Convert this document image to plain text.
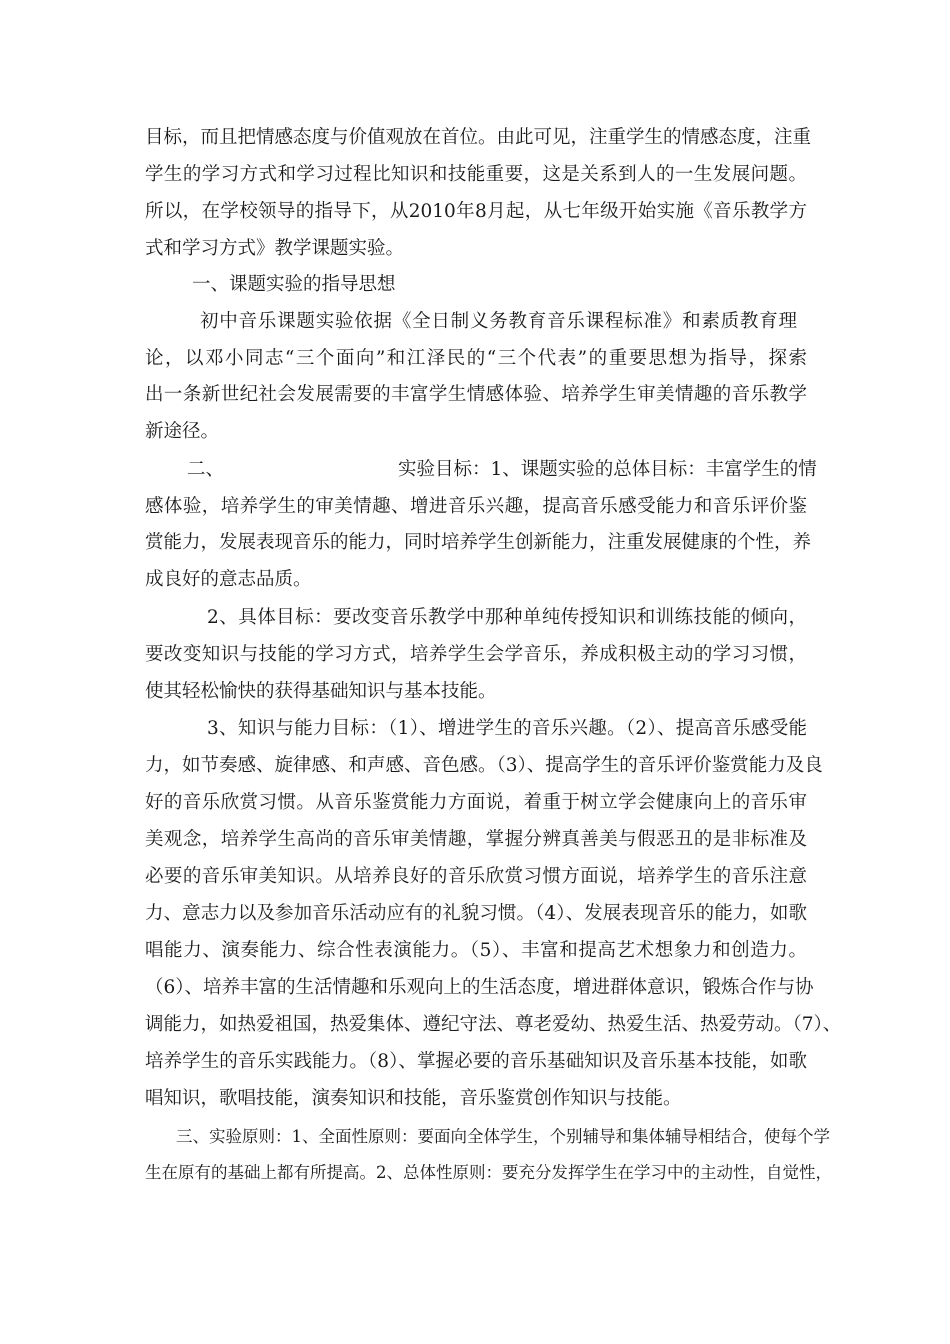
目标，而且把情感态度与价值观放在首位。由此可见，注重学生的情感态度，注重
学生的学习方式和学习过程比知识和技能重要，这是关系到人的一生发展问题。
所以，在学校领导的指导下，从2010年8月起，从七年级开始实施《音乐教学方
式和学习方式》教学课题实验。
一、课题实验的指导思想
初中音乐课题实验依据《全日制义务教育音乐课程标准》和素质教育理
论，以邓小同志“三个面向”和江泽民的“三个代表”的重要思想为指导，探索
出一条新世纪社会发展需要的丰富学生情感体验、培养学生审美情趣的音乐教学
新途径。
二、	实验目标：1、课题实验的总体目标：丰富学生的情
感体验，培养学生的审美情趣、增进音乐兴趣，提高音乐感受能力和音乐评价鉴
赏能力，发展表现音乐的能力，同时培养学生创新能力，注重发展健康的个性，养
成良好的意志品质。
2、具体目标：要改变音乐教学中那种单纯传授知识和训练技能的倾向，
要改变知识与技能的学习方式，培养学生会学音乐，养成积极主动的学习习惯，
使其轻松愉快的获得基础知识与基本技能。
3、知识与能力目标：（1）、增进学生的音乐兴趣。（2）、提高音乐感受能
力，如节奏感、旋律感、和声感、音色感。（3）、提高学生的音乐评价鉴赏能力及良
好的音乐欣赏习惯。从音乐鉴赏能力方面说，着重于树立学会健康向上的音乐审
美观念，培养学生高尚的音乐审美情趣，掌握分辨真善美与假恶丑的是非标准及
必要的音乐审美知识。从培养良好的音乐欣赏习惯方面说，培养学生的音乐注意
力、意志力以及参加音乐活动应有的礼貌习惯。（4）、发展表现音乐的能力，如歌
唱能力、演奏能力、综合性表演能力。（5）、丰富和提高艺术想象力和创造力。
（6）、培养丰富的生活情趣和乐观向上的生活态度，增进群体意识，锻炼合作与协
调能力，如热爱祖国，热爱集体、遵纪守法、尊老爱幼、热爱生活、热爱劳动。（7）、
培养学生的音乐实践能力。（8）、掌握必要的音乐基础知识及音乐基本技能，如歌
唱知识，歌唱技能，演奏知识和技能，音乐鉴赏创作知识与技能。
三、实验原则：1、全面性原则：要面向全体学生，个别辅导和集体辅导相结合，使每个学
生在原有的基础上都有所提高。2、总体性原则：要充分发挥学生在学习中的主动性，自觉性，
